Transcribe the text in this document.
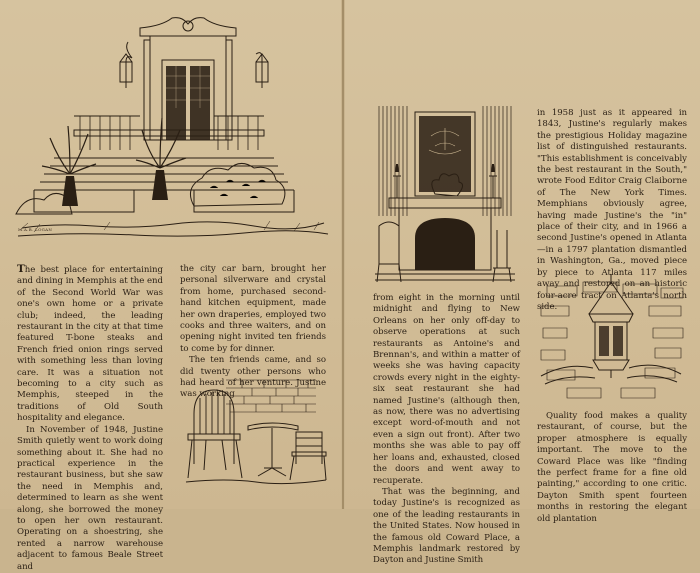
M.A.B. LOGAN

The best place for entertaining and dining in Memphis at the end of the Second World War was one's own home or a private club; indeed, the leading restaurant in the city at that time featured T-bone steaks and French fried onion rings served with something less than loving care. It was a situation not becoming to a city such as Memphis, steeped in the traditions of Old South hospitality and elegance.

In November of 1948, Justine Smith quietly went to work doing something about it. She had no practical experience in the restaurant business, but she saw the need in Memphis and, determined to learn as she went along, she borrowed the money to open her own restaurant. Operating on a shoestring, she rented a narrow warehouse adjacent to famous Beale Street and

the city car barn, brought her personal silverware and crystal from home, purchased second-hand kitchen equipment, made her own draperies, employed two cooks and three waiters, and on opening night invited ten friends to come by for dinner.

The ten friends came, and so did twenty other persons who had heard of her venture. Justine was working

from eight in the morning until midnight and flying to New Orleans on her only off-day to observe operations at such restaurants as Antoine's and Brennan's, and within a matter of weeks she was having capacity crowds every night in the eighty-six seat restaurant she had named Justine's (although then, as now, there was no advertising except word-of-mouth and not even a sign out front). After two months she was able to pay off her loans and, exhausted, closed the doors and went away to recuperate.

That was the beginning, and today Justine's is recognized as one of the leading restaurants in the United States. Now housed in the famous old Coward Place, a Memphis landmark restored by Dayton and Justine Smith

in 1958 just as it appeared in 1843, Justine's regularly makes the prestigious Holiday magazine list of distinguished restaurants. "This establishment is conceivably the best restaurant in the South," wrote Food Editor Craig Claiborne of The New York Times. Memphians obviously agree, having made Justine's the "in" place of their city, and in 1966 a second Justine's opened in Atlanta—in a 1797 plantation dismantled in Washington, Ga., moved piece by piece to Atlanta 117 miles away and restored on an historic four-acre tract on Atlanta's north side.

Quality food makes a quality restaurant, of course, but the proper atmosphere is equally important. The move to the Coward Place was like "finding the perfect frame for a fine old painting," according to one critic. Dayton Smith spent fourteen months in restoring the elegant old plantation
